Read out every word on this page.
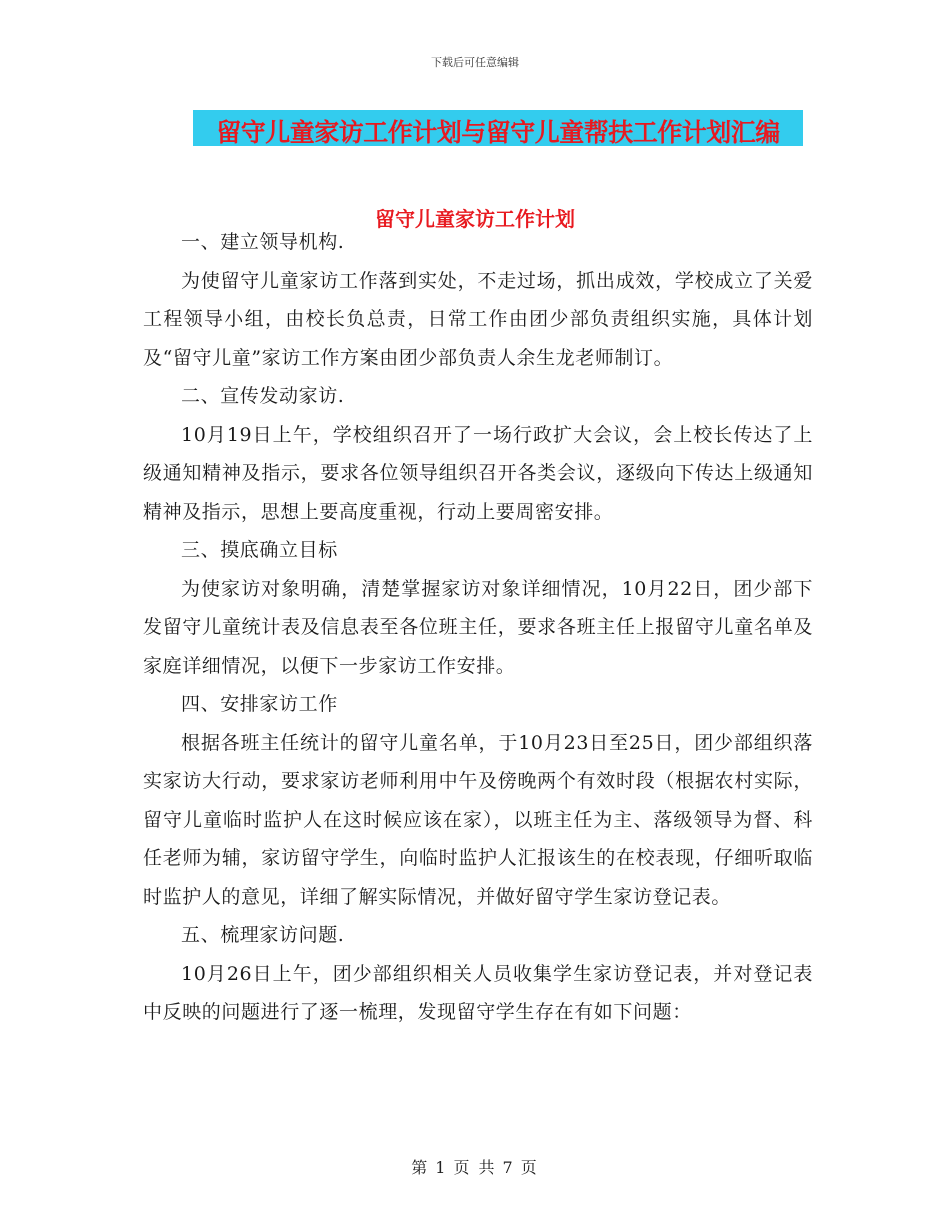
下载后可任意编辑
留守儿童家访工作计划与留守儿童帮扶工作计划汇编
留守儿童家访工作计划

一、建立领导机构.

为使留守儿童家访工作落到实处，不走过场，抓出成效，学校成立了关爱工程领导小组，由校长负总责，日常工作由团少部负责组织实施，具体计划及“留守儿童”家访工作方案由团少部负责人余生龙老师制订。

二、宣传发动家访.

10月19日上午，学校组织召开了一场行政扩大会议，会上校长传达了上级通知精神及指示，要求各位领导组织召开各类会议，逐级向下传达上级通知精神及指示，思想上要高度重视，行动上要周密安排。

三、摸底确立目标

为使家访对象明确，清楚掌握家访对象详细情况，10月22日，团少部下发留守儿童统计表及信息表至各位班主任，要求各班主任上报留守儿童名单及家庭详细情况，以便下一步家访工作安排。

四、安排家访工作

根据各班主任统计的留守儿童名单，于10月23日至25日，团少部组织落实家访大行动，要求家访老师利用中午及傍晚两个有效时段（根据农村实际，留守儿童临时监护人在这时候应该在家），以班主任为主、落级领导为督、科任老师为辅，家访留守学生，向临时监护人汇报该生的在校表现，仔细听取临时监护人的意见，详细了解实际情况，并做好留守学生家访登记表。

五、梳理家访问题.

10月26日上午，团少部组织相关人员收集学生家访登记表，并对登记表中反映的问题进行了逐一梳理，发现留守学生存在有如下问题：

第 1 页 共 7 页
